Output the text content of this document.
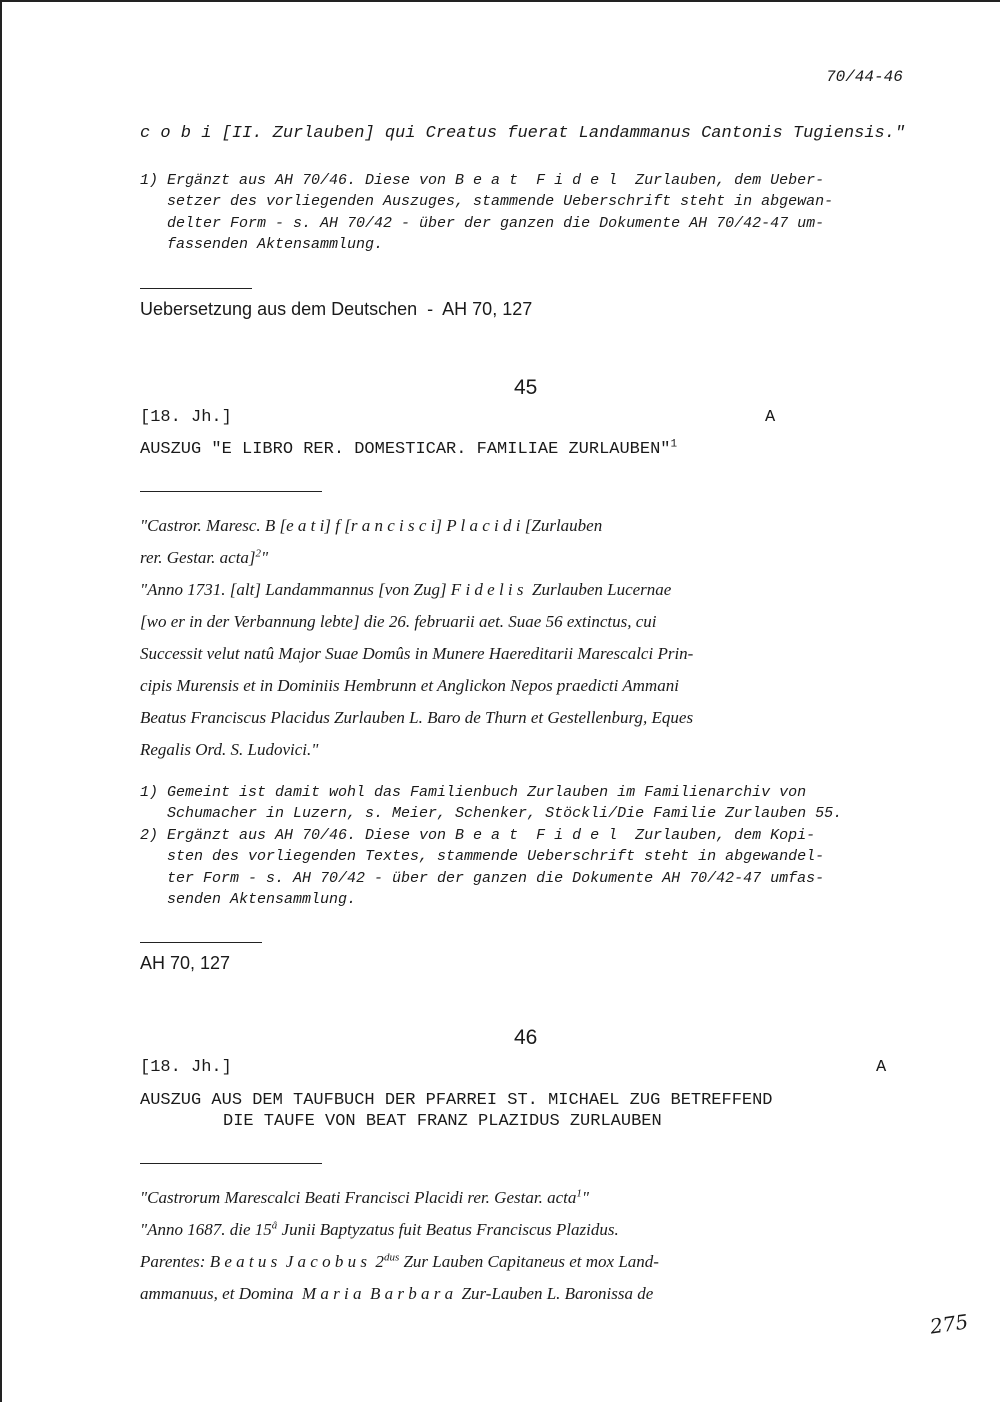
70/44-46
c o b i [II. Zurlauben] qui Creatus fuerat Landammanus Cantonis Tugiensis."
1) Ergänzt aus AH 70/46. Diese von B e a t  F i d e l  Zurlauben, dem Ueber-
setzer des vorliegenden Auszuges, stammende Ueberschrift steht in abgewan-
delter Form - s. AH 70/42 - über der ganzen die Dokumente AH 70/42-47 um-
fassenden Aktensammlung.
Uebersetzung aus dem Deutschen  -  AH 70, 127
45
[18. Jh.]	A
AUSZUG "E LIBRO RER. DOMESTICAR. FAMILIAE ZURLAUBEN"$^1$
"Castror. Maresc. B [e a t i] f [r a n c i s c i] P l a c i d i [Zurlauben
rer. Gestar. acta]$^2$"
"Anno 1731. [alt] Landammannus [von Zug] F i d e l i s  Zurlauben Lucernae
[wo er in der Verbannung lebte] die 26. februarii aet. Suae 56 extinctus, cui
Successit velut natû Major Suae Domûs in Munere Haereditarii Marescalci Prin-
cipis Murensis et in Dominiis Hembrunn et Anglickon Nepos praedicti Ammani
Beatus Franciscus Placidus Zurlauben L. Baro de Thurn et Gestellenburg, Eques
Regalis Ord. S. Ludovici."
1) Gemeint ist damit wohl das Familienbuch Zurlauben im Familienarchiv von
Schumacher in Luzern, s. Meier, Schenker, Stöckli/Die Familie Zurlauben 55.
2) Ergänzt aus AH 70/46. Diese von B e a t  F i d e l  Zurlauben, dem Kopi-
sten des vorliegenden Textes, stammende Ueberschrift steht in abgewandel-
ter Form - s. AH 70/42 - über der ganzen die Dokumente AH 70/42-47 umfas-
senden Aktensammlung.
AH 70, 127
46
[18. Jh.]	A
AUSZUG AUS DEM TAUFBUCH DER PFARREI ST. MICHAEL ZUG BETREFFEND
DIE TAUFE VON BEAT FRANZ PLAZIDUS ZURLAUBEN
"Castrorum Marescalci Beati Francisci Placidi rer. Gestar. acta$^1$"
"Anno 1687. die $15^â$ Junii Baptyzatus fuit Beatus Franciscus Plazidus.
Parentes: B e a t u s  J a c o b u s  $2^{dus}$ Zur Lauben Capitaneus et mox Land-
ammanuus, et Domina  M a r i a  B a r b a r a  Zur-Lauben L. Baronissa de
275
